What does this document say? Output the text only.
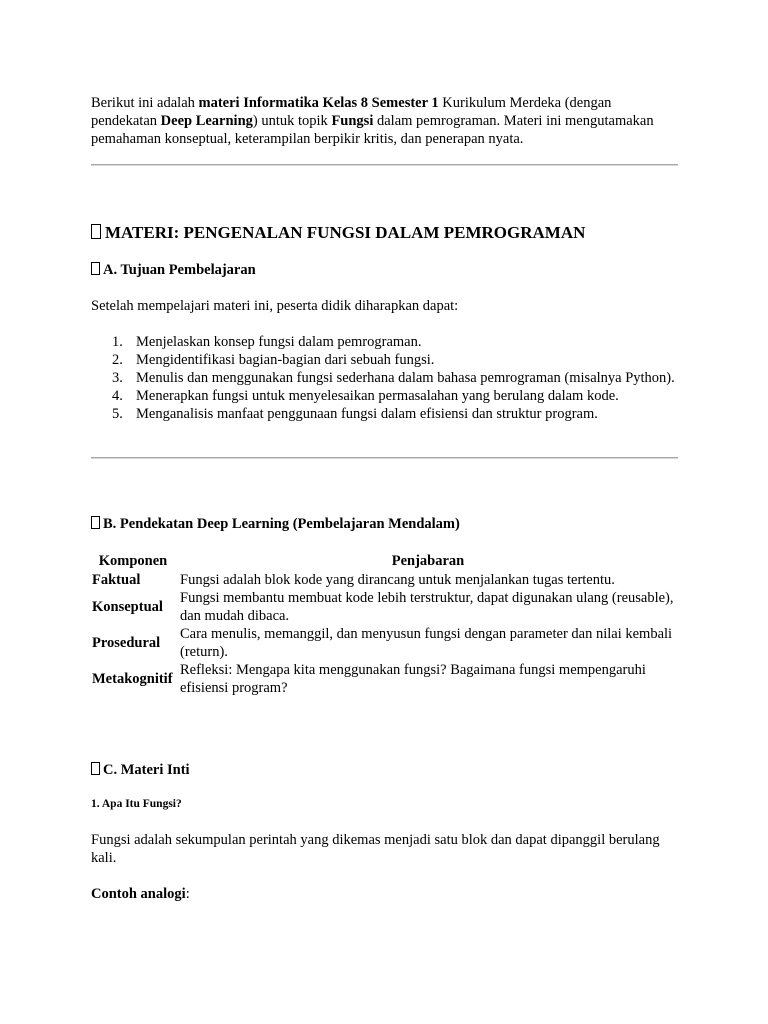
Berikut ini adalah materi Informatika Kelas 8 Semester 1 Kurikulum Merdeka (dengan pendekatan Deep Learning) untuk topik Fungsi dalam pemrograman. Materi ini mengutamakan pemahaman konseptual, keterampilan berpikir kritis, dan penerapan nyata.

MATERI: PENGENALAN FUNGSI DALAM PEMROGRAMAN
A. Tujuan Pembelajaran

Setelah mempelajari materi ini, peserta didik diharapkan dapat:

1. Menjelaskan konsep fungsi dalam pemrograman.
2. Mengidentifikasi bagian-bagian dari sebuah fungsi.
3. Menulis dan menggunakan fungsi sederhana dalam bahasa pemrograman (misalnya Python).
4. Menerapkan fungsi untuk menyelesaikan permasalahan yang berulang dalam kode.
5. Menganalisis manfaat penggunaan fungsi dalam efisiensi dan struktur program.
B. Pendekatan Deep Learning (Pembelajaran Mendalam)
Komponen	Penjabaran
Faktual	Fungsi adalah blok kode yang dirancang untuk menjalankan tugas tertentu.
Konseptual	Fungsi membantu membuat kode lebih terstruktur, dapat digunakan ulang (reusable), dan mudah dibaca.
Prosedural	Cara menulis, memanggil, dan menyusun fungsi dengan parameter dan nilai kembali (return).
Metakognitif	Refleksi: Mengapa kita menggunakan fungsi? Bagaimana fungsi mempengaruhi efisiensi program?
C. Materi Inti
1. Apa Itu Fungsi?

Fungsi adalah sekumpulan perintah yang dikemas menjadi satu blok dan dapat dipanggil berulang kali.

Contoh analogi:
